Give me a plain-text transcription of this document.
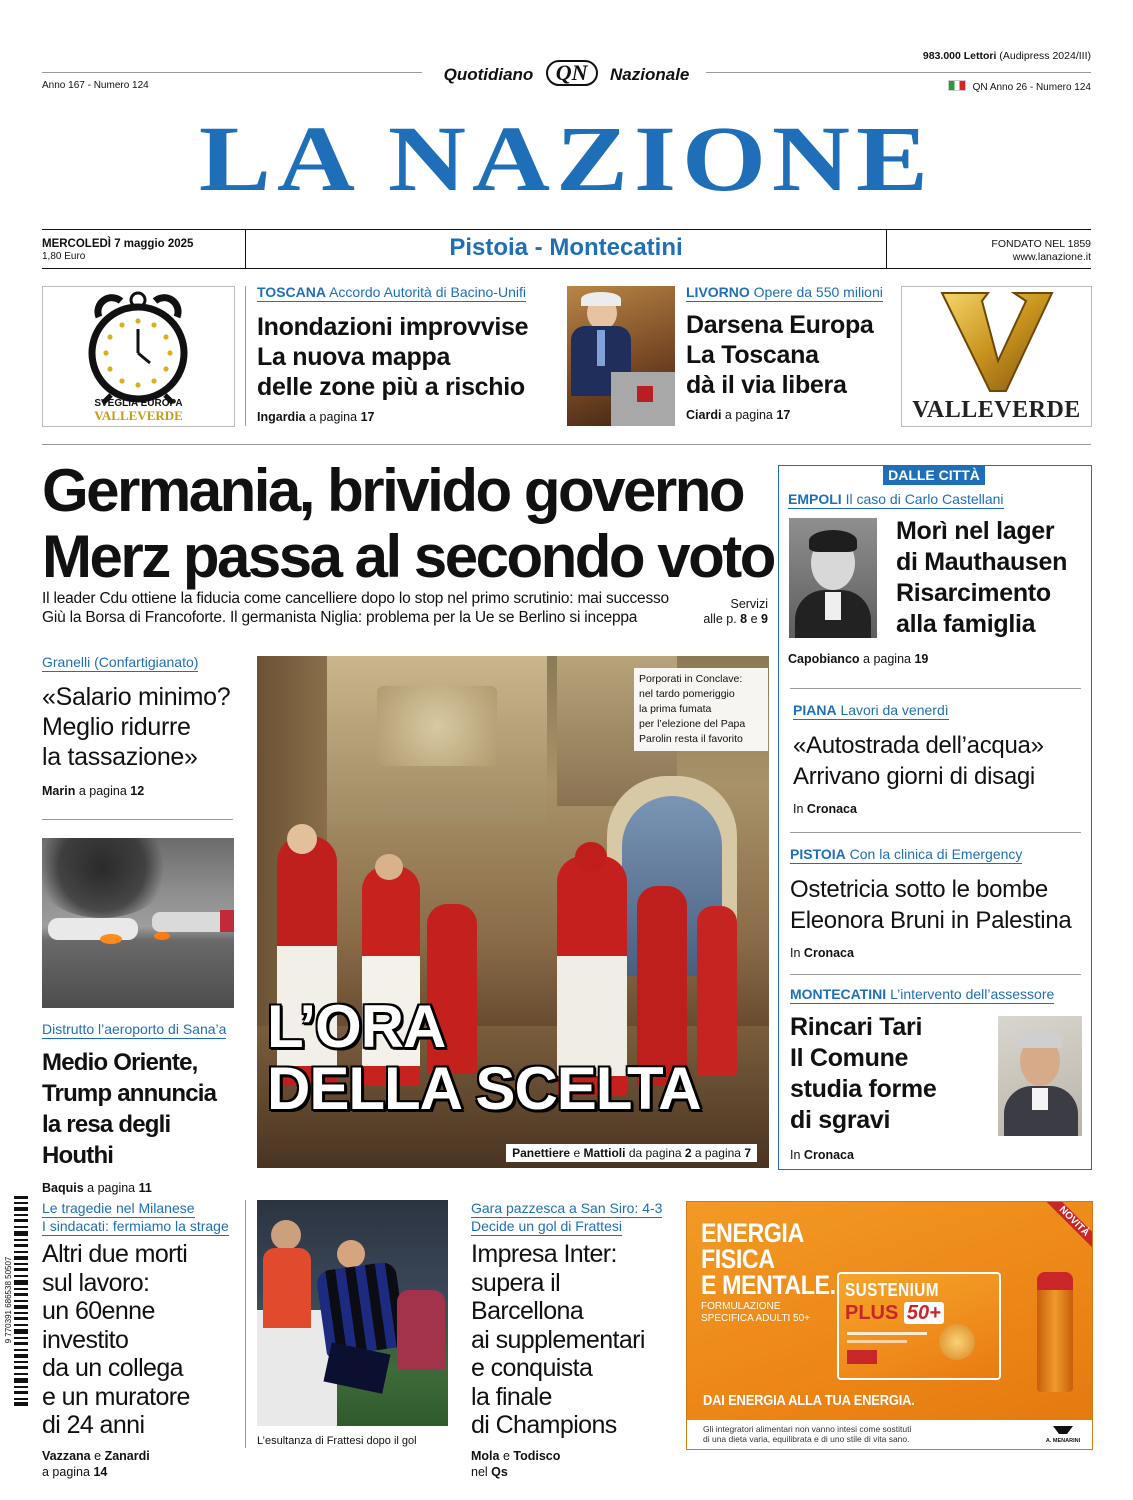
983.000 Lettori (Audipress 2024/III)
Quotidiano QN Nazionale
Anno 167 - Numero 124	QN Anno 26 - Numero 124
LA NAZIONE
MERCOLEDÌ 7 maggio 2025
1,80 Euro	Pistoia - Montecatini	FONDATO NEL 1859
www.lanazione.it
SVEGLIA EUROPA
VALLEVERDE
TOSCANA Accordo Autorità di Bacino-Unifi
Inondazioni improvvise
La nuova mappa
delle zone più a rischio
Ingardia a pagina 17
LIVORNO Opere da 550 milioni
Darsena Europa
La Toscana
dà il via libera
Ciardi a pagina 17	VALLEVERDE
Germania, brivido governo
Merz passa al secondo voto
Il leader Cdu ottiene la fiducia come cancelliere dopo lo stop nel primo scrutinio: mai successo
Giù la Borsa di Francoforte. Il germanista Niglia: problema per la Ue se Berlino si inceppa
Servizi
alle p. 8 e 9
Granelli (Confartigianato)
«Salario minimo?
Meglio ridurre
la tassazione»
Marin a pagina 12
Distrutto l’aeroporto di Sana’a
Medio Oriente,
Trump annuncia
la resa degli Houthi
Baquis a pagina 11
Porporati in Conclave:
nel tardo pomeriggio
la prima fumata
per l’elezione del Papa
Parolin resta il favorito
L’ORA
DELLA SCELTA
Panettiere e Mattioli da pagina 2 a pagina 7
DALLE CITTÀ
EMPOLI Il caso di Carlo Castellani
Morì nel lager
di Mauthausen
Risarcimento
alla famiglia
Capobianco a pagina 19
PIANA Lavori da venerdì
«Autostrada dell’acqua»
Arrivano giorni di disagi
In Cronaca
PISTOIA Con la clinica di Emergency
Ostetricia sotto le bombe
Eleonora Bruni in Palestina
In Cronaca
MONTECATINI L’intervento dell’assessore
Rincari Tari
Il Comune
studia forme
di sgravi
In Cronaca
9 770391 686538 50507
Le tragedie nel Milanese
I sindacati: fermiamo la strage
Altri due morti
sul lavoro:
un 60enne investito
da un collega
e un muratore
di 24 anni
Vazzana e Zanardi
a pagina 14
L’esultanza di Frattesi dopo il gol
Gara pazzesca a San Siro: 4-3
Decide un gol di Frattesi
Impresa Inter:
supera il Barcellona
ai supplementari
e conquista
la finale
di Champions
Mola e Todisco
nel Qs
NOVITÀ
ENERGIA
FISICA
E MENTALE.
FORMULAZIONE
SPECIFICA ADULTI 50+
SUSTENIUM
PLUS 50+
DAI ENERGIA ALLA TUA ENERGIA.
Gli integratori alimentari non vanno intesi come sostituti
di una dieta varia, equilibrata e di uno stile di vita sano.	A. MENARINI
